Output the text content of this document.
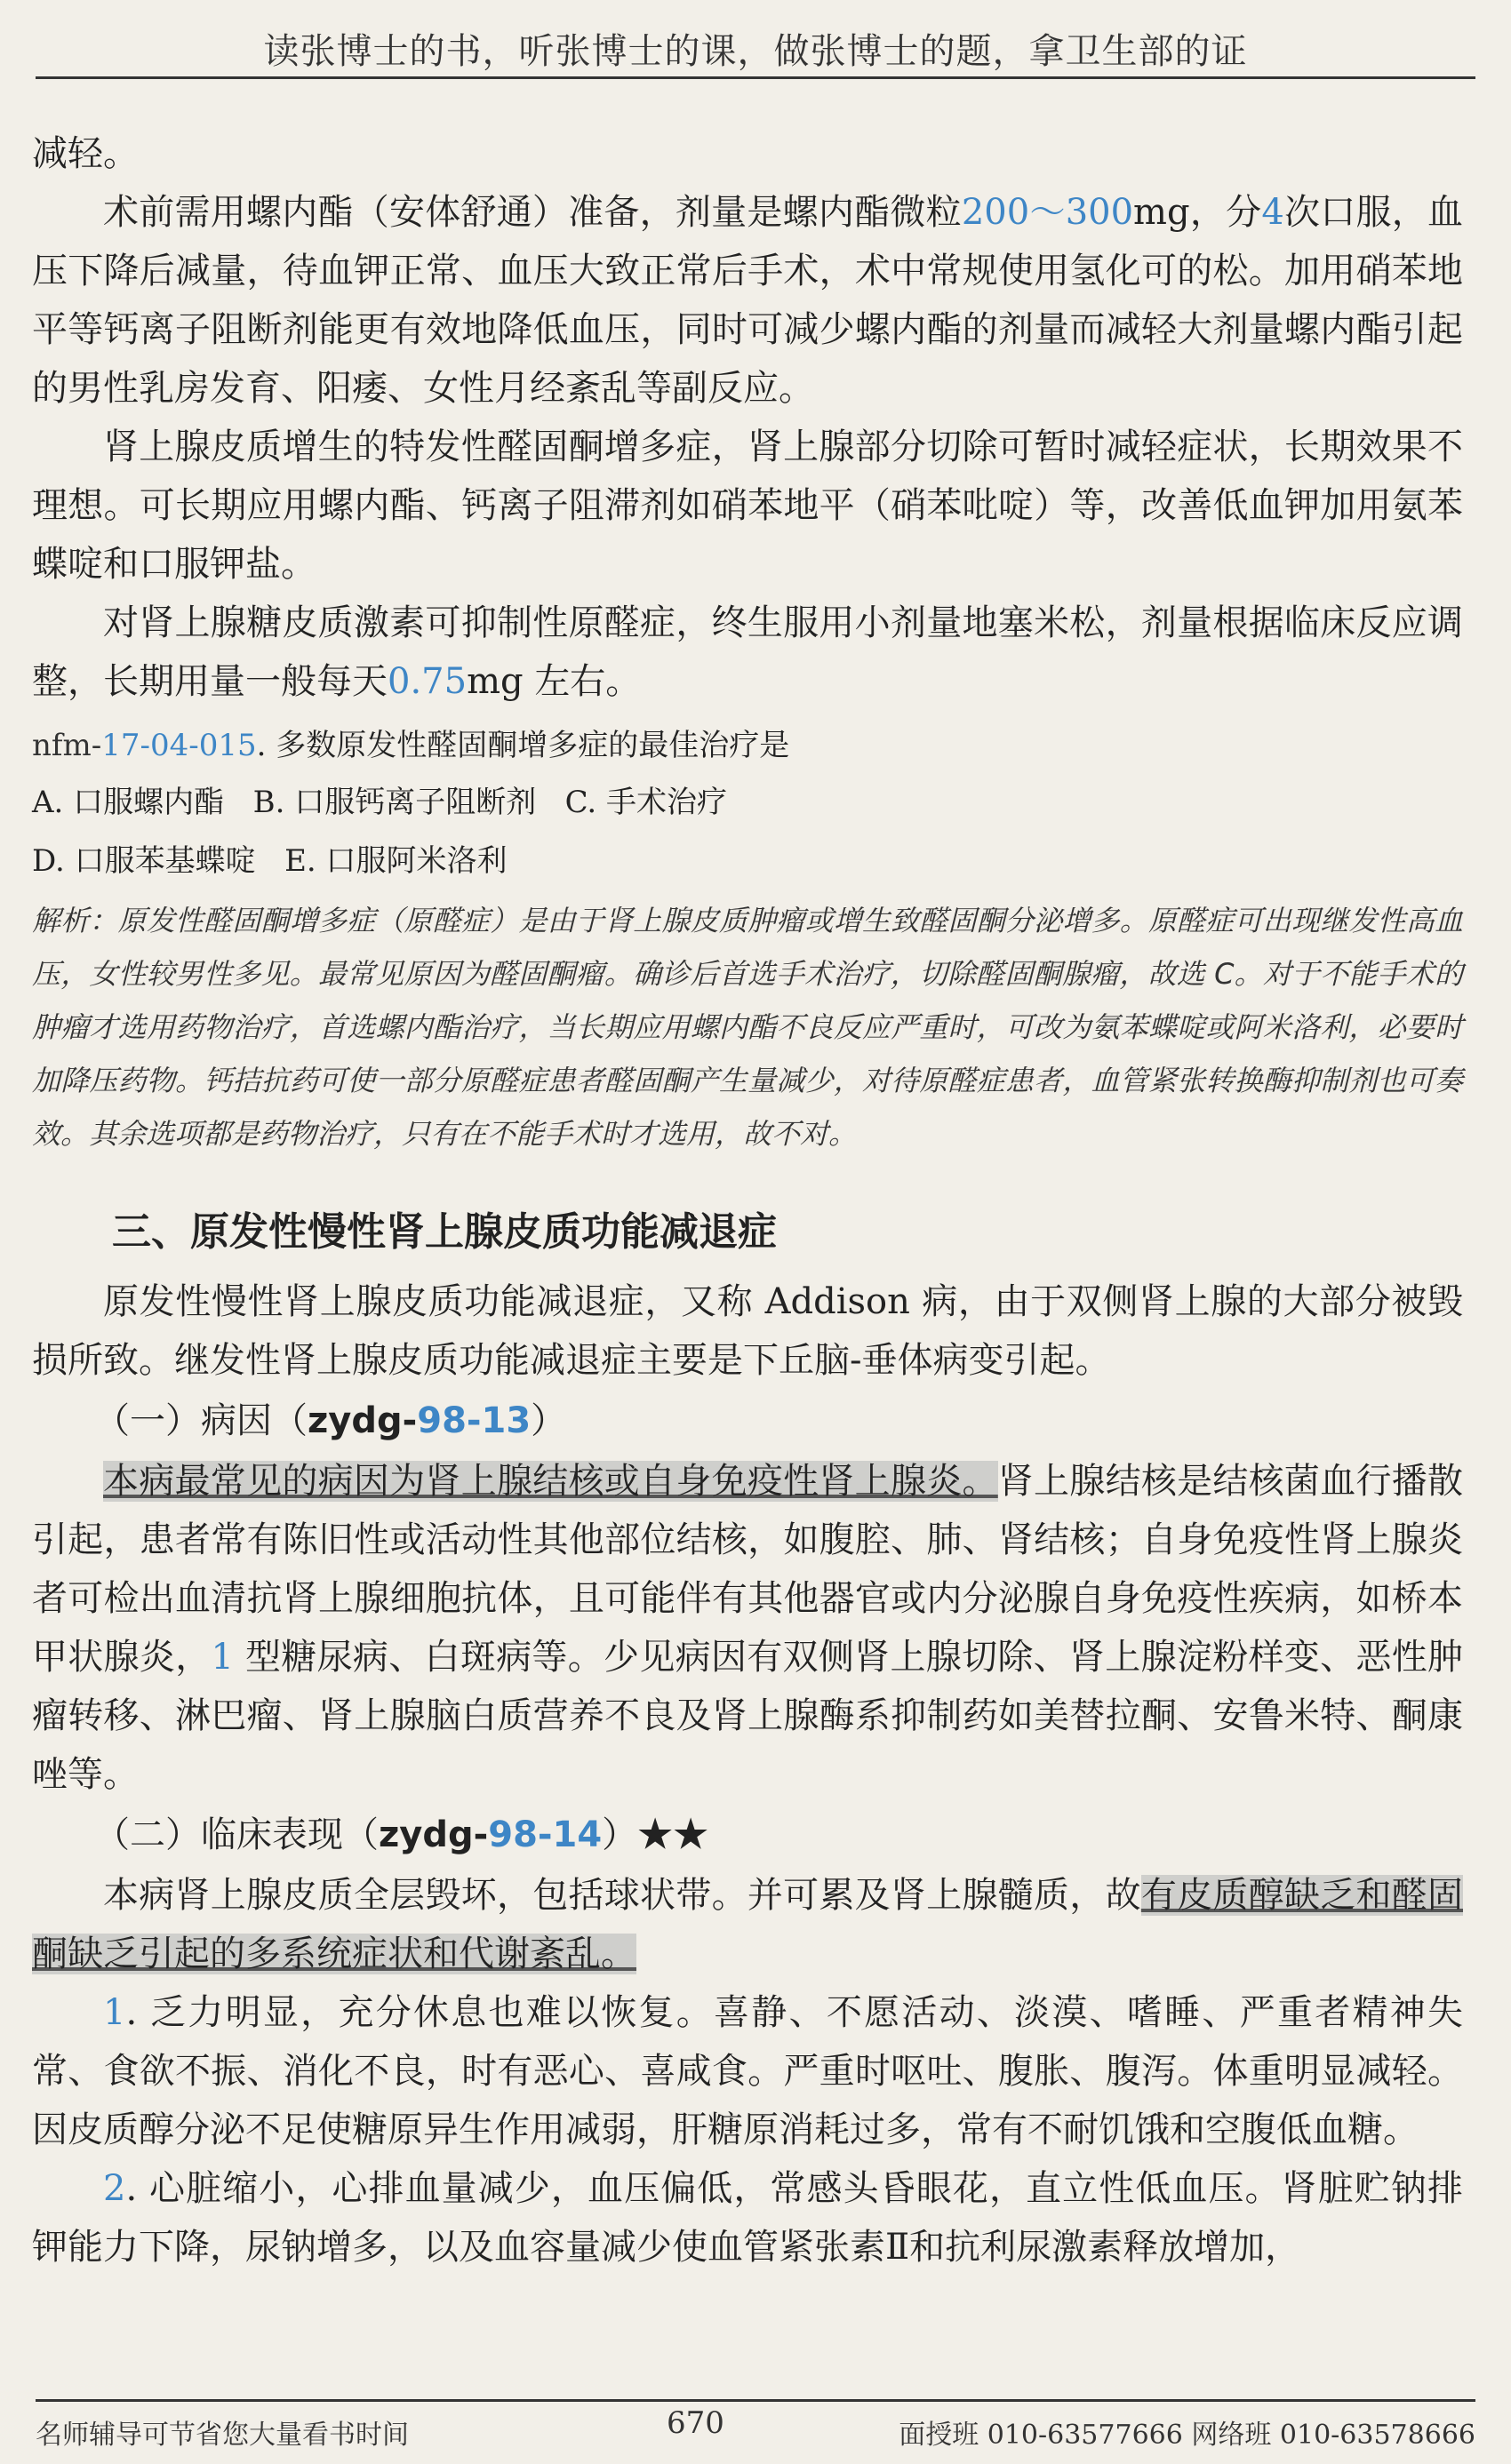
读张博士的书，听张博士的课，做张博士的题，拿卫生部的证

减轻。

术前需用螺内酯（安体舒通）准备，剂量是螺内酯微粒200～300mg，分4次口服，血压下降后减量，待血钾正常、血压大致正常后手术，术中常规使用氢化可的松。加用硝苯地平等钙离子阻断剂能更有效地降低血压，同时可减少螺内酯的剂量而减轻大剂量螺内酯引起的男性乳房发育、阳痿、女性月经紊乱等副反应。

肾上腺皮质增生的特发性醛固酮增多症，肾上腺部分切除可暂时减轻症状，长期效果不理想。可长期应用螺内酯、钙离子阻滞剂如硝苯地平（硝苯吡啶）等，改善低血钾加用氨苯蝶啶和口服钾盐。

对肾上腺糖皮质激素可抑制性原醛症，终生服用小剂量地塞米松，剂量根据临床反应调整，长期用量一般每天0.75mg 左右。

nfm-17-04-015. 多数原发性醛固酮增多症的最佳治疗是

A. 口服螺内酯   B. 口服钙离子阻断剂   C. 手术治疗

D. 口服苯基蝶啶   E. 口服阿米洛利

解析：原发性醛固酮增多症（原醛症）是由于肾上腺皮质肿瘤或增生致醛固酮分泌增多。原醛症可出现继发性高血压，女性较男性多见。最常见原因为醛固酮瘤。确诊后首选手术治疗，切除醛固酮腺瘤，故选 C。对于不能手术的肿瘤才选用药物治疗，首选螺内酯治疗，当长期应用螺内酯不良反应严重时，可改为氨苯蝶啶或阿米洛利，必要时加降压药物。钙拮抗药可使一部分原醛症患者醛固酮产生量减少，对待原醛症患者，血管紧张转换酶抑制剂也可奏效。其余选项都是药物治疗，只有在不能手术时才选用，故不对。

三、原发性慢性肾上腺皮质功能减退症

原发性慢性肾上腺皮质功能减退症，又称 Addison 病，由于双侧肾上腺的大部分被毁损所致。继发性肾上腺皮质功能减退症主要是下丘脑-垂体病变引起。

（一）病因（zydg-98-13）

本病最常见的病因为肾上腺结核或自身免疫性肾上腺炎。肾上腺结核是结核菌血行播散引起，患者常有陈旧性或活动性其他部位结核，如腹腔、肺、肾结核；自身免疫性肾上腺炎者可检出血清抗肾上腺细胞抗体，且可能伴有其他器官或内分泌腺自身免疫性疾病，如桥本甲状腺炎，1 型糖尿病、白斑病等。少见病因有双侧肾上腺切除、肾上腺淀粉样变、恶性肿瘤转移、淋巴瘤、肾上腺脑白质营养不良及肾上腺酶系抑制药如美替拉酮、安鲁米特、酮康唑等。

（二）临床表现（zydg-98-14）★★

本病肾上腺皮质全层毁坏，包括球状带。并可累及肾上腺髓质，故有皮质醇缺乏和醛固酮缺乏引起的多系统症状和代谢紊乱。

1. 乏力明显，充分休息也难以恢复。喜静、不愿活动、淡漠、嗜睡、严重者精神失常、食欲不振、消化不良，时有恶心、喜咸食。严重时呕吐、腹胀、腹泻。体重明显减轻。因皮质醇分泌不足使糖原异生作用减弱，肝糖原消耗过多，常有不耐饥饿和空腹低血糖。

2. 心脏缩小，心排血量减少，血压偏低，常感头昏眼花，直立性低血压。肾脏贮钠排钾能力下降，尿钠增多，以及血容量减少使血管紧张素Ⅱ和抗利尿激素释放增加，

名师辅导可节省您大量看书时间	670	面授班 010-63577666 网络班 010-63578666
